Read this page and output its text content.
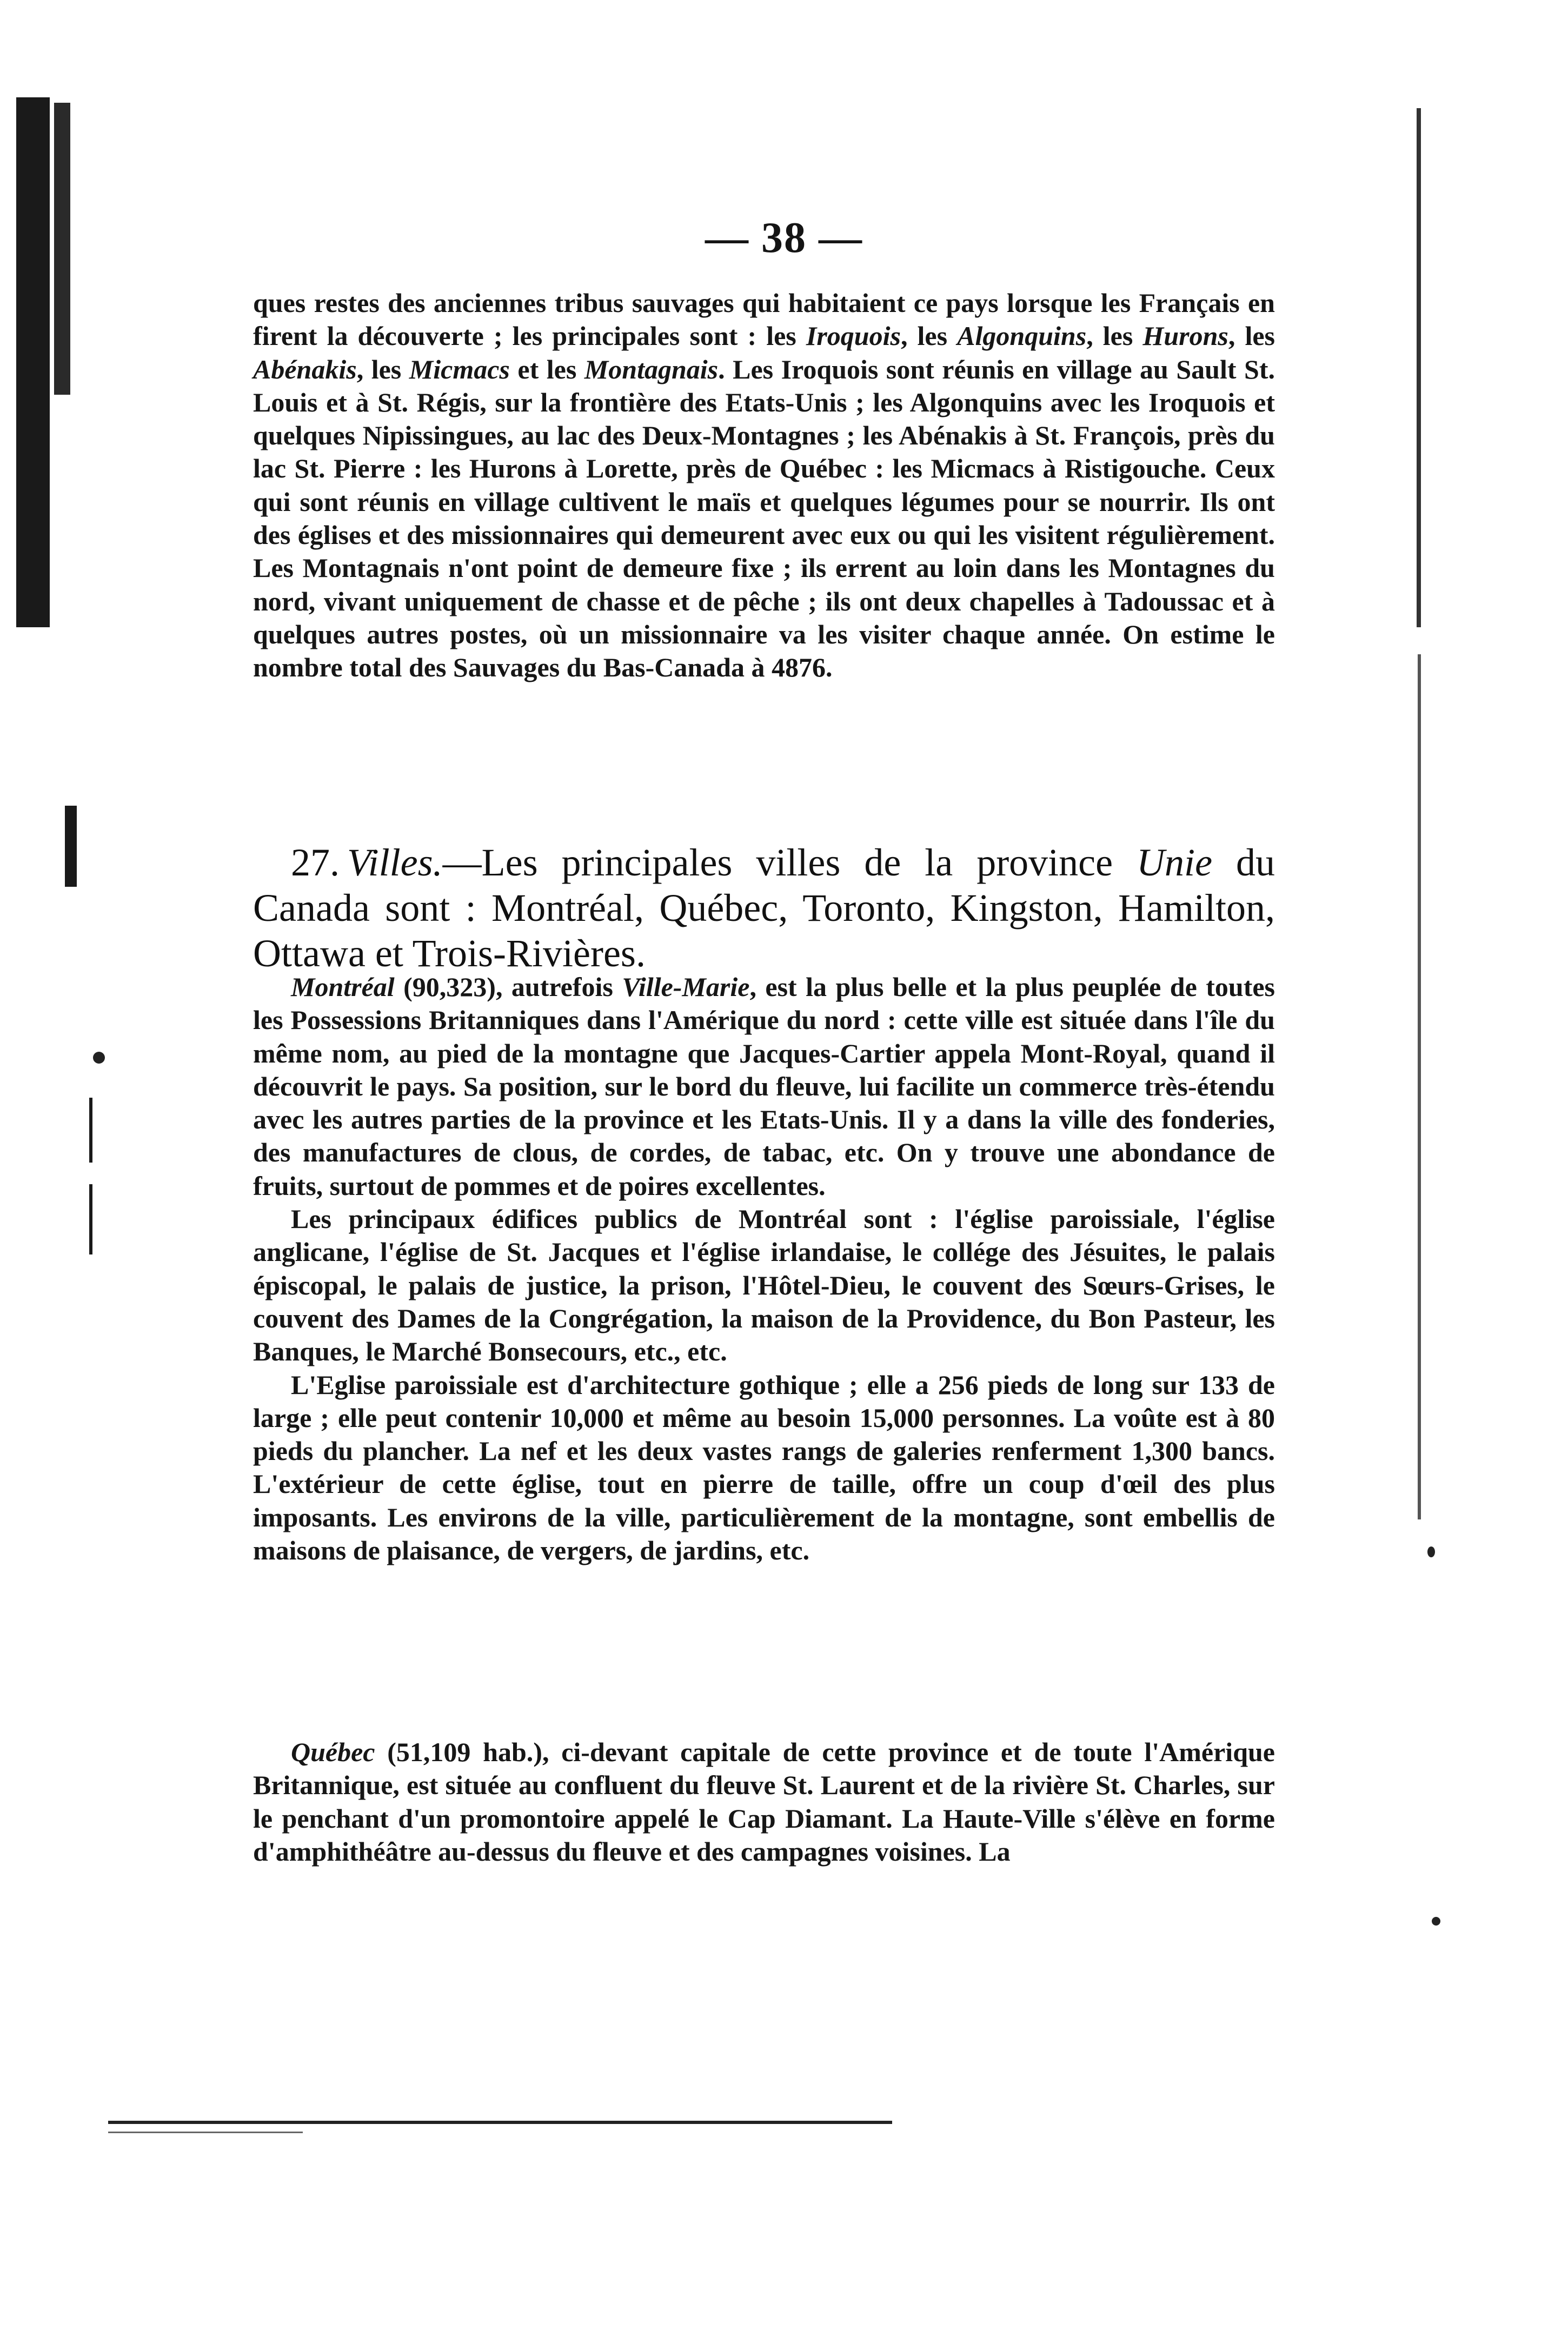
— 38 —

ques restes des anciennes tribus sauvages qui habitaient ce pays lorsque les Français en firent la découverte ; les principales sont : les Iroquois, les Algonquins, les Hurons, les Abénakis, les Micmacs et les Montagnais. Les Iroquois sont réunis en village au Sault St. Louis et à St. Régis, sur la frontière des Etats-Unis ; les Algonquins avec les Iroquois et quelques Nipissingues, au lac des Deux-Montagnes ; les Abénakis à St. François, près du lac St. Pierre : les Hurons à Lorette, près de Québec : les Micmacs à Ristigouche. Ceux qui sont réunis en village cultivent le maïs et quelques légumes pour se nourrir. Ils ont des églises et des missionnaires qui demeurent avec eux ou qui les visitent régulièrement. Les Montagnais n'ont point de demeure fixe ; ils errent au loin dans les Montagnes du nord, vivant uniquement de chasse et de pêche ; ils ont deux chapelles à Tadoussac et à quelques autres postes, où un missionnaire va les visiter chaque année. On estime le nombre total des Sauvages du Bas-Canada à 4876.

27. Villes.—Les principales villes de la province Unie du Canada sont : Montréal, Québec, Toronto, Kingston, Hamilton, Ottawa et Trois-Rivières.

Montréal (90,323), autrefois Ville-Marie, est la plus belle et la plus peuplée de toutes les Possessions Britanniques dans l'Amérique du nord : cette ville est située dans l'île du même nom, au pied de la montagne que Jacques-Cartier appela Mont-Royal, quand il découvrit le pays. Sa position, sur le bord du fleuve, lui facilite un commerce très-étendu avec les autres parties de la province et les Etats-Unis. Il y a dans la ville des fonderies, des manufactures de clous, de cordes, de tabac, etc. On y trouve une abondance de fruits, surtout de pommes et de poires excellentes.

Les principaux édifices publics de Montréal sont : l'église paroissiale, l'église anglicane, l'église de St. Jacques et l'église irlandaise, le collége des Jésuites, le palais épiscopal, le palais de justice, la prison, l'Hôtel-Dieu, le couvent des Sœurs-Grises, le couvent des Dames de la Congrégation, la maison de la Providence, du Bon Pasteur, les Banques, le Marché Bonsecours, etc., etc.

L'Eglise paroissiale est d'architecture gothique ; elle a 256 pieds de long sur 133 de large ; elle peut contenir 10,000 et même au besoin 15,000 personnes. La voûte est à 80 pieds du plancher. La nef et les deux vastes rangs de galeries renferment 1,300 bancs. L'extérieur de cette église, tout en pierre de taille, offre un coup d'œil des plus imposants. Les environs de la ville, particulièrement de la montagne, sont embellis de maisons de plaisance, de vergers, de jardins, etc.

Québec (51,109 hab.), ci-devant capitale de cette province et de toute l'Amérique Britannique, est située au confluent du fleuve St. Laurent et de la rivière St. Charles, sur le penchant d'un promontoire appelé le Cap Diamant. La Haute-Ville s'élève en forme d'amphithéâtre au-dessus du fleuve et des campagnes voisines. La
